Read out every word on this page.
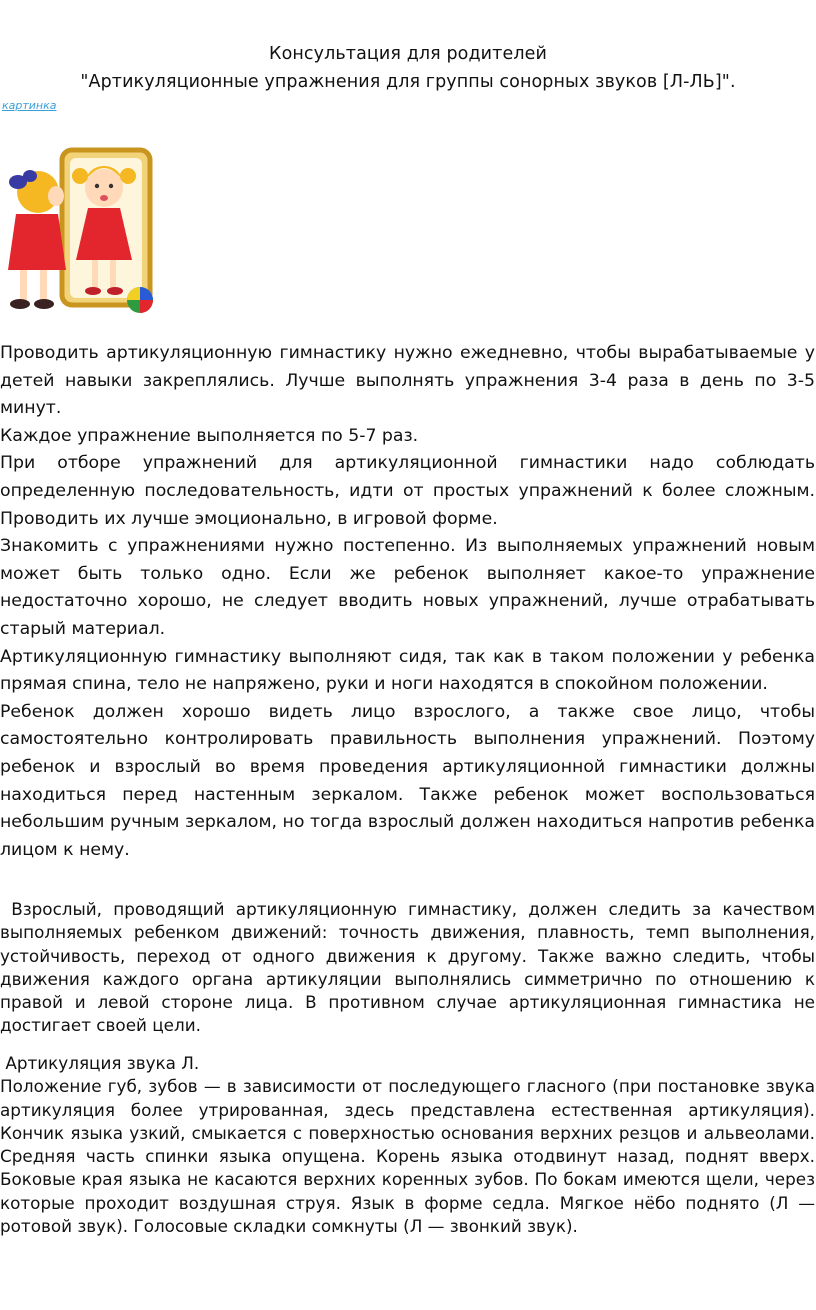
Консультация для родителей
"Артикуляционные упражнения для группы сонорных звуков [Л-ЛЬ]".
картинка

Проводить артикуляционную гимнастику нужно ежедневно, чтобы вырабатываемые у детей навыки закреплялись. Лучше выполнять упражнения 3-4 раза в день по 3-5 минут.

Каждое упражнение выполняется по 5-7 раз.

При отборе упражнений для артикуляционной гимнастики надо соблюдать определенную последовательность, идти от простых упражнений к более сложным. Проводить их лучше эмоционально, в игровой форме.

Знакомить с упражнениями нужно постепенно. Из выполняемых упражнений новым может быть только одно. Если же ребенок выполняет какое-то упражнение недостаточно хорошо, не следует вводить новых упражнений, лучше отрабатывать старый материал.

Артикуляционную гимнастику выполняют сидя, так как в таком положении у ребенка прямая спина, тело не напряжено, руки и ноги находятся в спокойном положении.

Ребенок должен хорошо видеть лицо взрослого, а также свое лицо, чтобы самостоятельно контролировать правильность выполнения упражнений. Поэтому ребенок и взрослый во время проведения артикуляционной гимнастики должны находиться перед настенным зеркалом. Также ребенок может воспользоваться небольшим ручным зеркалом, но тогда взрослый должен находиться напротив ребенка лицом к нему.

Взрослый, проводящий артикуляционную гимнастику, должен следить за качеством выполняемых ребенком движений: точность движения, плавность, темп выполнения, устойчивость, переход от одного движения к другому. Также важно следить, чтобы движения каждого органа артикуляции выполнялись симметрично по отношению к правой и левой стороне лица. В противном случае артикуляционная гимнастика не достигает своей цели.

Артикуляция звука Л.

Положение губ, зубов — в зависимости от последующего гласного (при постановке звука артикуляция более утрированная, здесь представлена естественная артикуляция). Кончик языка узкий, смыкается с поверхностью основания верхних резцов и альвеолами. Средняя часть спинки языка опущена. Корень языка отодвинут назад, поднят вверх. Боковые края языка не касаются верхних коренных зубов. По бокам имеются щели, через которые проходит воздушная струя. Язык в форме седла. Мягкое нёбо поднято (Л — ротовой звук). Голосовые складки сомкнуты (Л — звонкий звук).
